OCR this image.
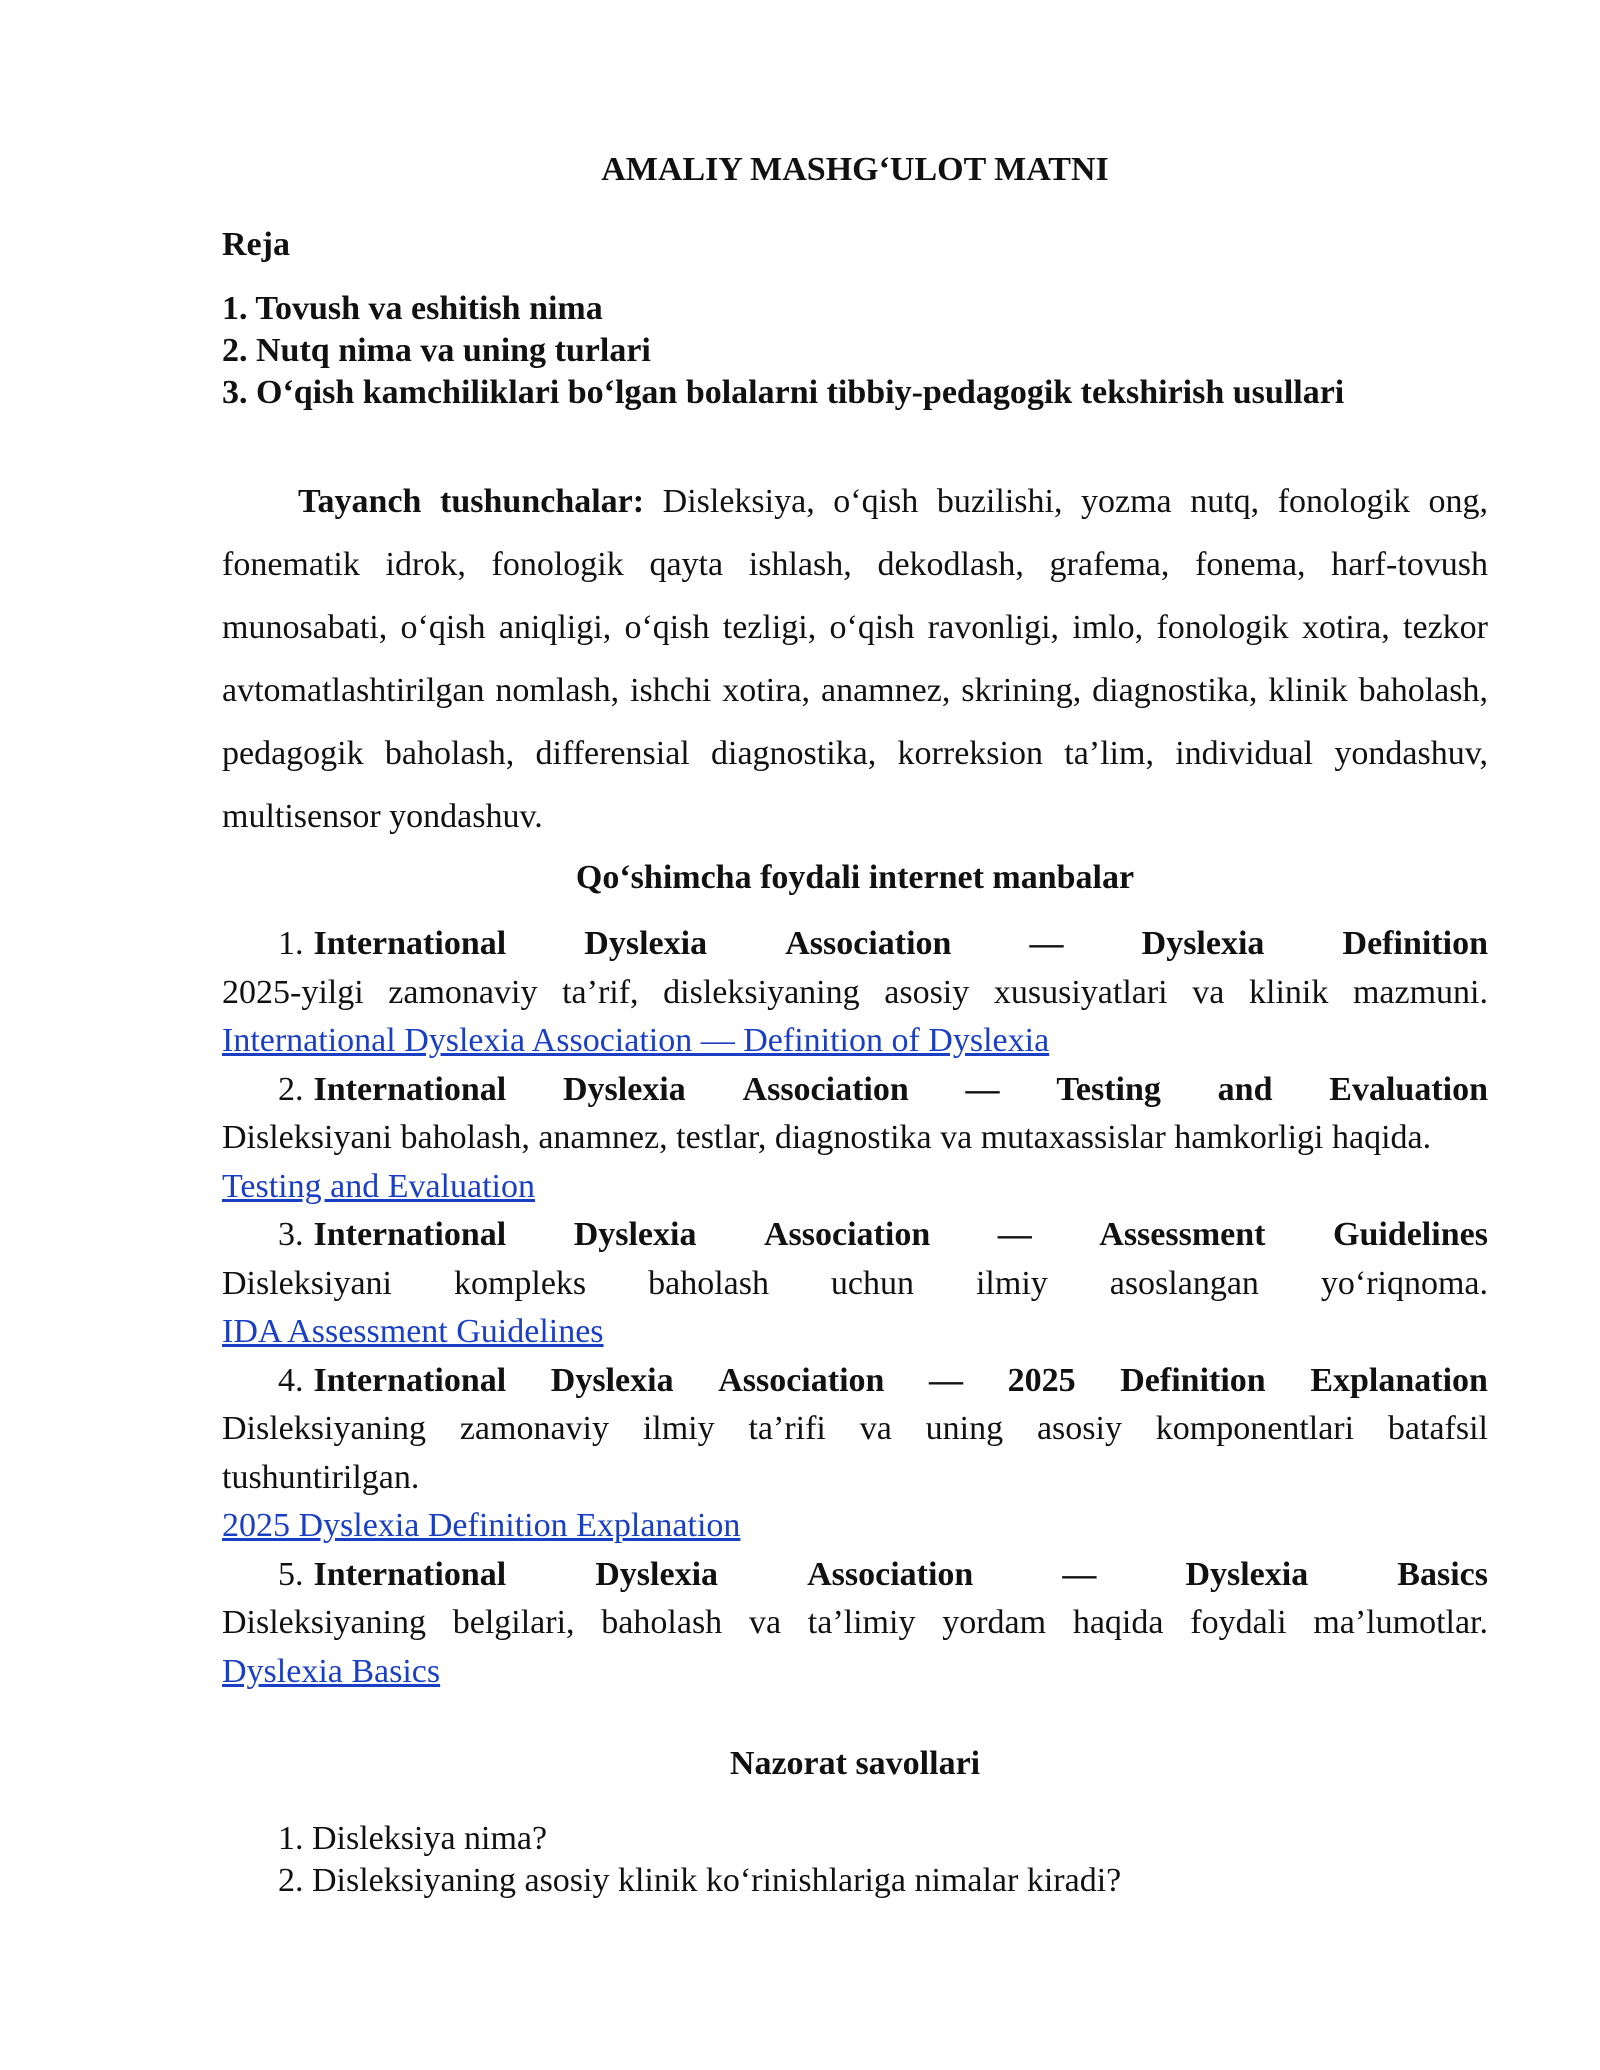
AMALIY MASHG‘ULOT MATNI
Reja
1. Tovush va eshitish nima
2. Nutq nima va uning turlari
3. O‘qish kamchiliklari bo‘lgan bolalarni tibbiy-pedagogik tekshirish usullari

Tayanch tushunchalar: Disleksiya, o‘qish buzilishi, yozma nutq, fonologik ong, fonematik idrok, fonologik qayta ishlash, dekodlash, grafema, fonema, harf-tovush munosabati, o‘qish aniqligi, o‘qish tezligi, o‘qish ravonligi, imlo, fonologik xotira, tezkor avtomatlashtirilgan nomlash, ishchi xotira, anamnez, skrining, diagnostika, klinik baholash, pedagogik baholash, differensial diagnostika, korreksion ta’lim, individual yondashuv, multisensor yondashuv.

Qo‘shimcha foydali internet manbalar
1. International Dyslexia Association — Dyslexia Definition
2025-yilgi zamonaviy ta’rif, disleksiyaning asosiy xususiyatlari va klinik mazmuni.
International Dyslexia Association — Definition of Dyslexia
2. International Dyslexia Association — Testing and Evaluation
Disleksiyani baholash, anamnez, testlar, diagnostika va mutaxassislar hamkorligi haqida.
Testing and Evaluation
3. International Dyslexia Association — Assessment Guidelines
Disleksiyani kompleks baholash uchun ilmiy asoslangan yo‘riqnoma.
IDA Assessment Guidelines
4. International Dyslexia Association — 2025 Definition Explanation
Disleksiyaning zamonaviy ilmiy ta’rifi va uning asosiy komponentlari batafsil tushuntirilgan.
2025 Dyslexia Definition Explanation
5. International	Dyslexia	Association	—	Dyslexia	Basics
Disleksiyaning belgilari, baholash va ta’limiy yordam haqida foydali ma’lumotlar.
Dyslexia Basics
Nazorat savollari
1. Disleksiya nima?
2. Disleksiyaning asosiy klinik ko‘rinishlariga nimalar kiradi?
